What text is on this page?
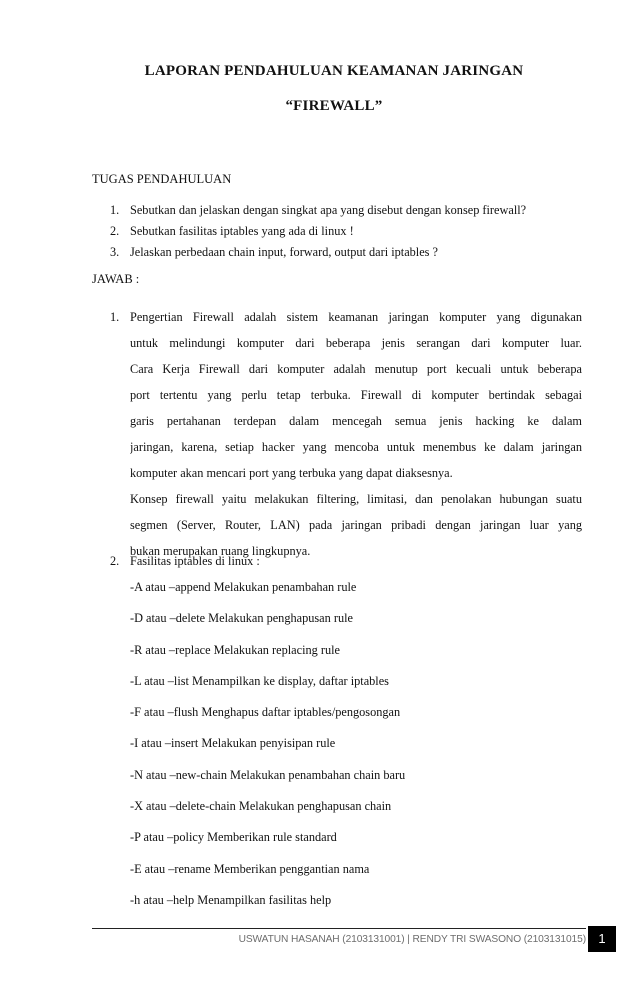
LAPORAN PENDAHULUAN KEAMANAN JARINGAN
“FIREWALL”
TUGAS PENDAHULUAN
1. Sebutkan dan jelaskan dengan singkat apa yang disebut dengan konsep firewall?
2. Sebutkan fasilitas iptables yang ada di linux !
3. Jelaskan perbedaan chain input, forward, output dari iptables ?
JAWAB :
1. Pengertian Firewall adalah sistem keamanan jaringan komputer yang digunakan
untuk melindungi komputer dari beberapa jenis serangan dari komputer luar.
Cara Kerja Firewall dari komputer adalah menutup port kecuali untuk beberapa
port tertentu yang perlu tetap terbuka. Firewall di komputer bertindak sebagai
garis pertahanan terdepan dalam mencegah semua jenis hacking ke dalam
jaringan, karena, setiap hacker yang mencoba untuk menembus ke dalam jaringan
komputer akan mencari port yang terbuka yang dapat diaksesnya.
Konsep firewall yaitu melakukan filtering, limitasi, dan penolakan hubungan suatu
segmen (Server, Router, LAN) pada jaringan pribadi dengan jaringan luar yang
bukan merupakan ruang lingkupnya.
2. Fasilitas iptables di linux :
-A atau –append Melakukan penambahan rule
-D atau –delete Melakukan penghapusan rule
-R atau –replace Melakukan replacing rule
-L atau –list Menampilkan ke display, daftar iptables
-F atau –flush Menghapus daftar iptables/pengosongan
-I atau –insert Melakukan penyisipan rule
-N atau –new-chain Melakukan penambahan chain baru
-X atau –delete-chain Melakukan penghapusan chain
-P atau –policy Memberikan rule standard
-E atau –rename Memberikan penggantian nama
-h atau –help Menampilkan fasilitas help
USWATUN HASANAH (2103131001) | RENDY TRI SWASONO (2103131015) 1
